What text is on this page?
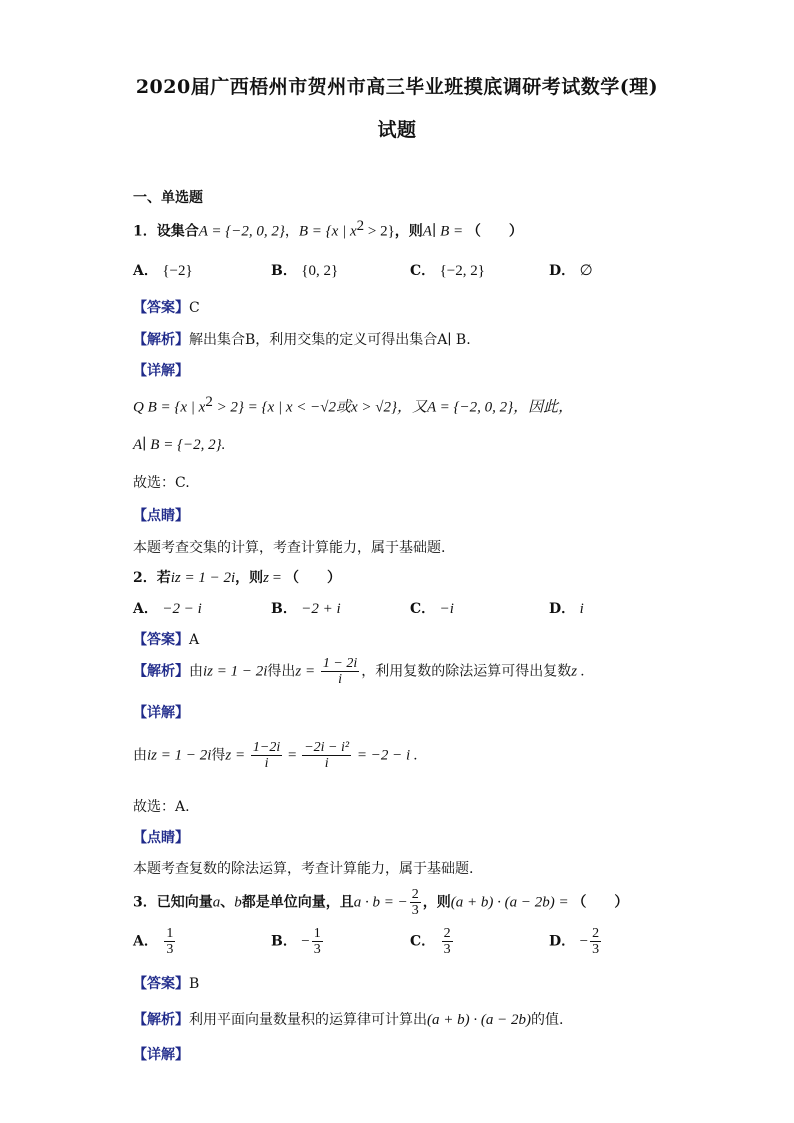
2020届广西梧州市贺州市高三毕业班摸底调研考试数学(理)
试题
一、单选题
1．设集合A = {−2, 0, 2}，B = {x | $x^2 > 2$}，则A∣ B = （　　）
A． {−2}	B． {0, 2}	C． {−2, 2}	D． ∅
【答案】C
【解析】解出集合B，利用交集的定义可得出集合A∣ B.
【详解】
Q B = {x | $x^2 > 2\} = \{x$ | x < −√2或x > √2}，又A = {−2, 0, 2}，因此，
A∣ B = {−2, 2}.
故选：C.
【点睛】
本题考查交集的计算，考查计算能力，属于基础题.
2．若iz = 1 − 2i，则z = （　　）
A． −2 − i	B． −2 + i	C． −i	D． i
【答案】A
【解析】由iz = 1 − 2i得出$z = \frac{1 - 2i}{i}$ ，利用复数的除法运算可得出复数z .
【详解】
由iz = 1 − 2i得$z = \frac{1-2i}{i} = \frac{\text{−2i − i²}}{i} = -2 - i$ .
故选：A.
【点睛】
本题考查复数的除法运算，考查计算能力，属于基础题.
3．已知向量a、b都是单位向量，且a · b = − $\frac{2}{3}$ ，则(a + b) · (a − 2b) = （　　）
A． $\frac{1}{3}$	B． − $\frac{1}{3}$	C． $\frac{2}{3}$	D． − $\frac{2}{3}$
【答案】B
【解析】利用平面向量数量积的运算律可计算出(a + b) · (a − 2b)的值.
【详解】
